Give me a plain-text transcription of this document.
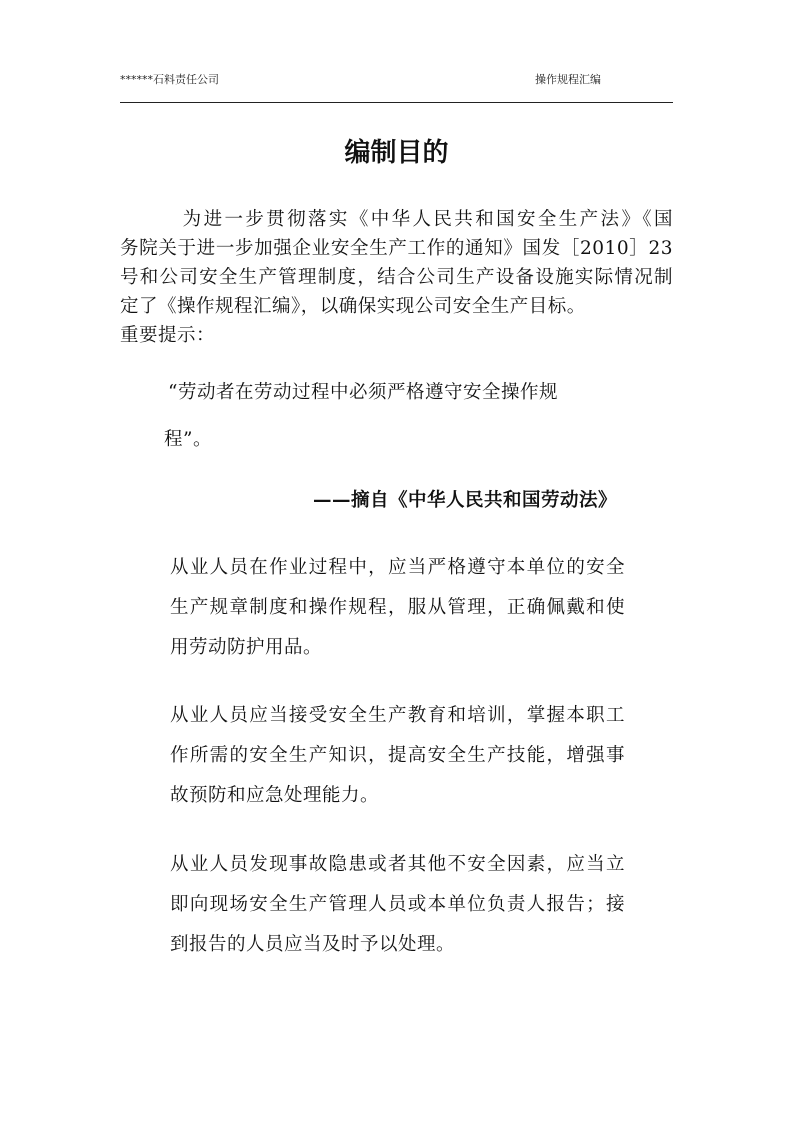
******石料责任公司	操作规程汇编
编制目的
　　　为进一步贯彻落实《中华人民共和国安全生产法》《国
务院关于进一步加强企业安全生产工作的通知》国发［2010］23
号和公司安全生产管理制度，结合公司生产设备设施实际情况制
定了《操作规程汇编》，以确保实现公司安全生产目标。
重要提示：
“劳动者在劳动过程中必须严格遵守安全操作规
程”。
——摘自《中华人民共和国劳动法》
从业人员在作业过程中，应当严格遵守本单位的安全
生产规章制度和操作规程，服从管理，正确佩戴和使
用劳动防护用品。
从业人员应当接受安全生产教育和培训，掌握本职工
作所需的安全生产知识，提高安全生产技能，增强事
故预防和应急处理能力。
从业人员发现事故隐患或者其他不安全因素，应当立
即向现场安全生产管理人员或本单位负责人报告；接
到报告的人员应当及时予以处理。
